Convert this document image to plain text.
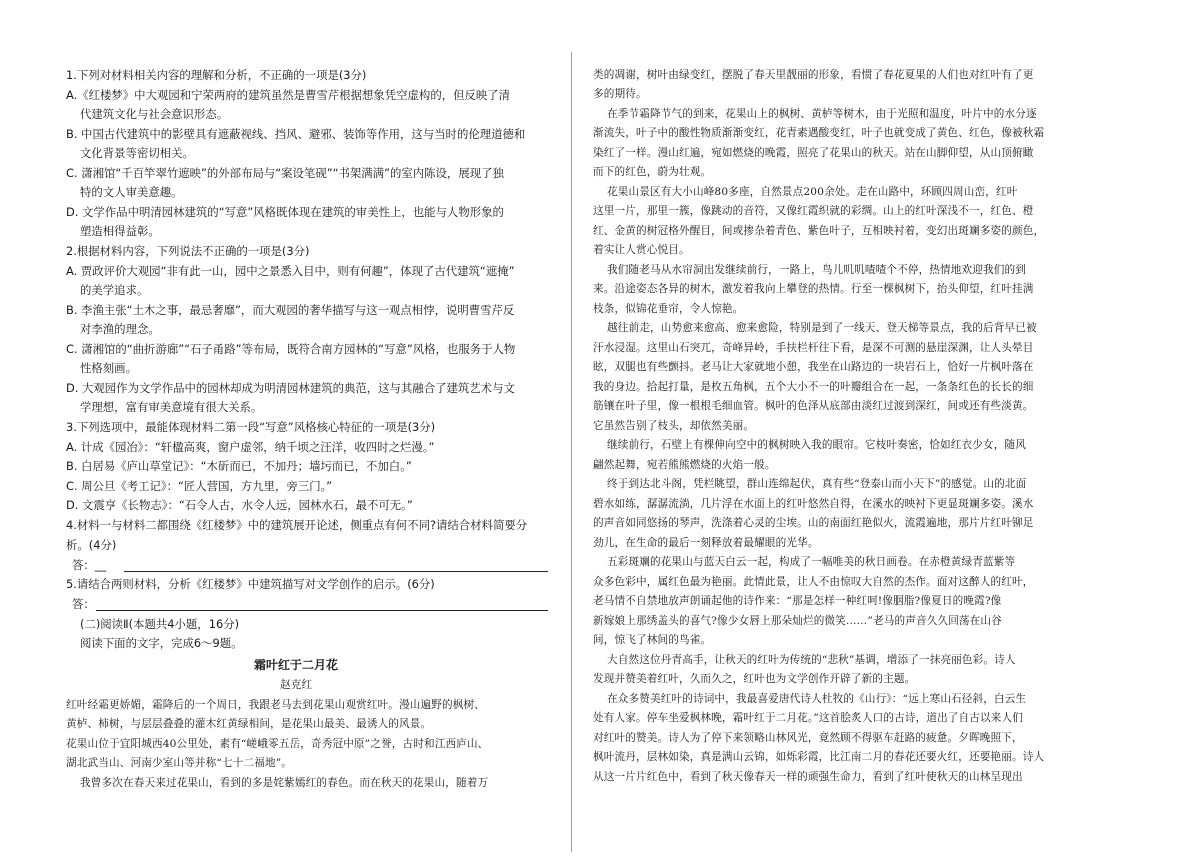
1.下列对材料相关内容的理解和分析，不正确的一项是(3分)
A.《红楼梦》中大观园和宁荣两府的建筑虽然是曹雪芹根据想象凭空虚构的，但反映了清
代建筑文化与社会意识形态。
B. 中国古代建筑中的影壁具有遮蔽视线、挡风、避邪、装饰等作用，这与当时的伦理道德和
文化背景等密切相关。
C. 潇湘馆“千百竿翠竹遮映”的外部布局与“案设笔砚”“书架满满”的室内陈设，展现了独
特的文人审美意趣。
D. 文学作品中明清园林建筑的“写意”风格既体现在建筑的审美性上，也能与人物形象的
塑造相得益彰。
2.根据材料内容，下列说法不正确的一项是(3分)
A. 贾政评价大观园“非有此一山，园中之景悉入目中，则有何趣”，体现了古代建筑“遮掩”
的美学追求。
B. 李渔主张“土木之事，最忌奢靡”，而大观园的奢华描写与这一观点相悖，说明曹雪芹反
对李渔的理念。
C. 潇湘馆的“曲折游廊”“石子甬路”等布局，既符合南方园林的“写意”风格，也服务于人物
性格刻画。
D. 大观园作为文学作品中的园林却成为明清园林建筑的典范，这与其融合了建筑艺术与文
学理想，富有审美意境有很大关系。
3.下列选项中，最能体现材料二第一段“写意”风格核心特征的一项是(3分)
A. 计成《园冶》：“轩楹高爽，窗户虚邻，纳千顷之汪洋，收四时之烂漫。”
B. 白居易《庐山草堂记》：“木斫而已，不加丹；墙圬而已，不加白。”
C. 周公旦《考工记》：“匠人营国，方九里，旁三门。”
D. 文震亨《长物志》：“石令人古，水令人远，园林水石，最不可无。”
4.材料一与材料二都围绕《红楼梦》中的建筑展开论述，侧重点有何不同?请结合材料简要分
析。(4分)
答：__
5.请结合两则材料，分析《红楼梦》中建筑描写对文学创作的启示。(6分)
答：
(二)阅读Ⅱ(本题共4小题，16分)
阅读下面的文字，完成6～9题。
霜叶红于二月花
赵克红
红叶经霜更娇媚，霜降后的一个周日，我跟老马去到花果山观赏红叶。漫山遍野的枫树、
黄栌、柿树，与层层叠叠的灌木红黄绿相间，是花果山最美、最诱人的风景。
花果山位于宜阳城西40公里处，素有“嵯峨零五岳，奇秀冠中原”之誉，古时和江西庐山、
湖北武当山、河南少室山等并称“七十二福地”。
我曾多次在春天来过花果山，看到的多是姹紫嫣红的春色。而在秋天的花果山，随着万
类的凋谢，树叶由绿变红，摆脱了春天里靓丽的形象，看惯了春花夏果的人们也对红叶有了更
多的期待。
在季节霜降节气的到来，花果山上的枫树、黄栌等树木，由于光照和温度，叶片中的水分逐
渐流失，叶子中的酸性物质渐渐变红，花青素遇酸变红，叶子也就变成了黄色、红色，像被秋霜
染红了一样。漫山红遍，宛如燃烧的晚霞，照亮了花果山的秋天。站在山脚仰望，从山顶俯瞰
而下的红色，蔚为壮观。
花果山景区有大小山峰80多座，自然景点200余处。走在山路中，环顾四周山峦，红叶
这里一片，那里一簇，像跳动的音符，又像红霞织就的彩绸。山上的红叶深浅不一，红色、橙
红、金黄的树冠格外醒目，间或掺杂着青色、紫色叶子，互相映衬着，变幻出斑斓多姿的颜色，
着实让人赏心悦目。
我们随老马从水帘洞出发继续前行，一路上，鸟儿叽叽喳喳个不停，热情地欢迎我们的到
来。沿途姿态各异的树木，激发着我向上攀登的热情。行至一棵枫树下，抬头仰望，红叶挂满
枝条，似锦花垂帘，令人惊艳。
越往前走，山势愈来愈高、愈来愈险，特别是到了一线天、登天梯等景点，我的后背早已被
汗水浸湿。这里山石突兀，奇峰异岭，手扶栏杆往下看，是深不可测的悬崖深渊，让人头晕目
眩，双腿也有些颤抖。老马让大家就地小憩，我坐在山路边的一块岩石上，恰好一片枫叶落在
我的身边。拾起打量，是枚五角枫，五个大小不一的叶瓣组合在一起，一条条红色的长长的细
筋镶在叶子里，像一根根毛细血管。枫叶的色泽从底部由淡红过渡到深红，间或还有些淡黄。
它虽然告别了枝头，却依然美丽。
继续前行，石壁上有棵伸向空中的枫树映入我的眼帘。它枝叶奏密，恰如红衣少女，随风
翩然起舞，宛若熊熊燃烧的火焰一般。
终于到达北斗阁，凭栏眺望，群山连绵起伏，真有些“登泰山而小天下”的感觉。山的北面
碧水如练，潺潺流淌，几片浮在水面上的红叶悠然自得，在溪水的映衬下更显斑斓多姿。溪水
的声音如同悠扬的琴声，洗涤着心灵的尘埃。山的南面红艳似火，流霞遍地，那片片红叶铆足
劲儿，在生命的最后一刻释放着最耀眼的光华。
五彩斑斓的花果山与蓝天白云一起，构成了一幅唯美的秋日画卷。在赤橙黄绿青蓝紫等
众多色彩中，属红色最为艳丽。此情此景，让人不由惊叹大自然的杰作。面对这醉人的红叶，
老马情不自禁地放声朗诵起他的诗作来：“那是怎样一种红呵!像胭脂?像夏日的晚霞?像
新嫁娘上那绣盖头的喜气?像少女唇上那朵灿烂的微笑……”老马的声音久久回荡在山谷
间，惊飞了林间的鸟雀。
大自然这位丹青高手，让秋天的红叶为传统的“悲秋”基调，增添了一抹亮丽色彩。诗人
发现并赞美着红叶，久而久之，红叶也为文学创作开辟了新的主题。
在众多赞美红叶的诗词中，我最喜爱唐代诗人杜牧的《山行》：“远上寒山石径斜，白云生
处有人家。停车坐爱枫林晚，霜叶红于二月花。”这首脍炙人口的古诗，道出了自古以来人们
对红叶的赞美。诗人为了停下来领略山林风光，竟然顾不得驱车赶路的疲惫。夕晖晚照下，
枫叶流丹，层林如染，真是满山云锦，如烁彩霞，比江南二月的春花还要火红，还要艳丽。诗人
从这一片片红色中，看到了秋天像春天一样的顽强生命力，看到了红叶使秋天的山林呈现出
